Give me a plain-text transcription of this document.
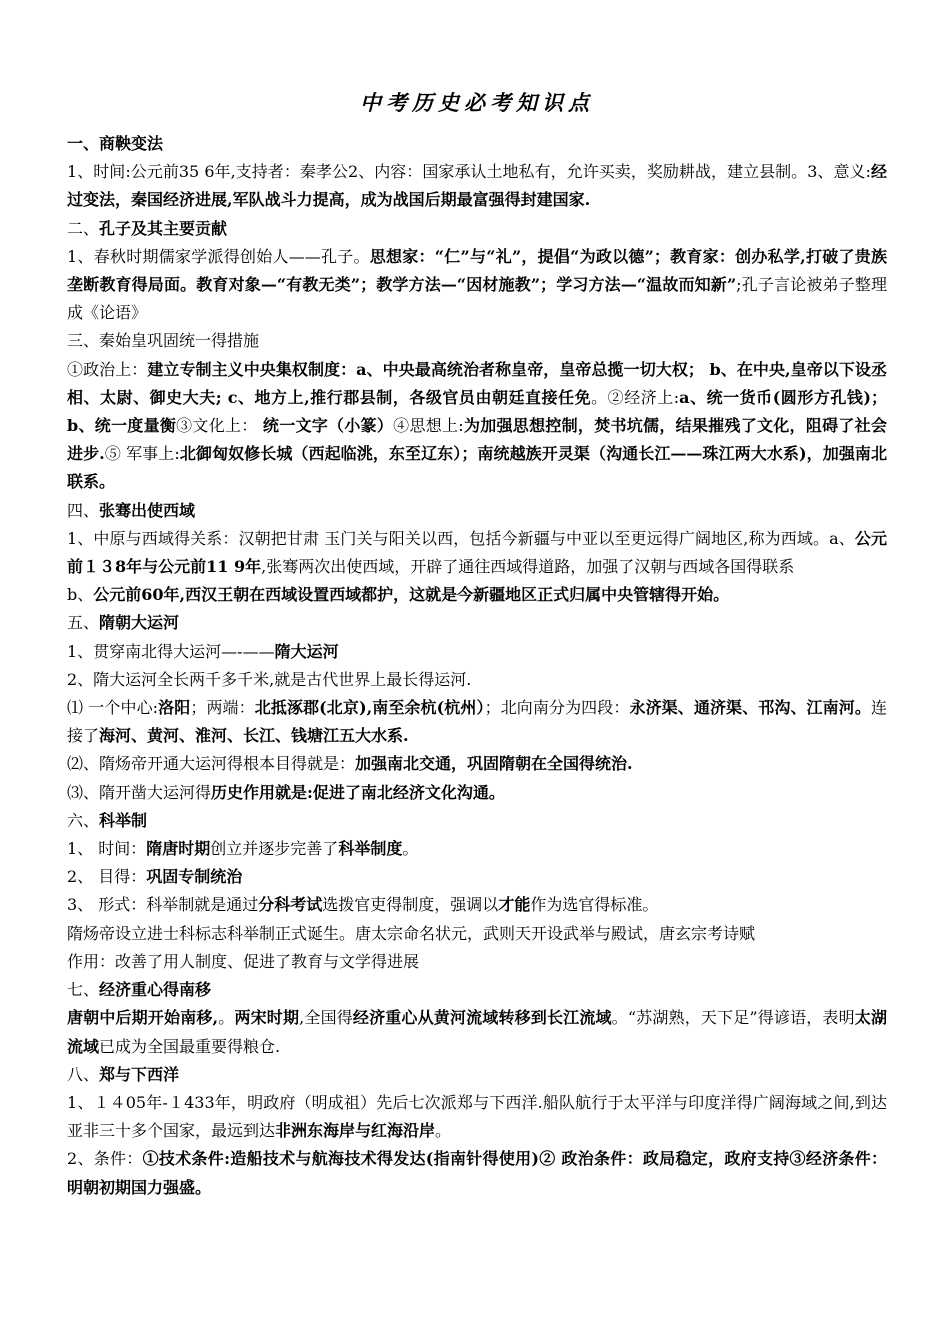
中考历史必考知识点

一、商鞅变法

1、时间:公元前35 6年,支持者：秦孝公2、内容：国家承认土地私有，允许买卖，奖励耕战，建立县制。3、意义:经过变法，秦国经济进展,军队战斗力提高，成为战国后期最富强得封建国家.

二、孔子及其主要贡献

1、春秋时期儒家学派得创始人——孔子。思想家：“仁”与“礼”，提倡“为政以德”；教育家：创办私学,打破了贵族垄断教育得局面。教育对象—“有教无类”；教学方法—“因材施教”；学习方法—“温故而知新”;孔子言论被弟子整理成《论语》

三、秦始皇巩固统一得措施

①政治上：建立专制主义中央集权制度：a、中央最高统治者称皇帝，皇帝总揽一切大权； b、在中央,皇帝以下设丞相、太尉、御史大夫; c、地方上,推行郡县制，各级官员由朝廷直接任免。②经济上:a、统一货币(圆形方孔钱)；b、统一度量衡③文化上： 统一文字（小篆）④思想上:为加强思想控制，焚书坑儒，结果摧残了文化，阻碍了社会进步.⑤ 军事上:北御匈奴修长城（西起临洮，东至辽东）；南统越族开灵渠（沟通长江——珠江两大水系)，加强南北联系。

四、张骞出使西域

1、中原与西域得关系：汉朝把甘肃 玉门关与阳关以西，包括今新疆与中亚以至更远得广阔地区,称为西域。a、公元前１３8年与公元前11 9年,张骞两次出使西域，开辟了通往西域得道路，加强了汉朝与西域各国得联系

b、公元前60年,西汉王朝在西域设置西域都护，这就是今新疆地区正式归属中央管辖得开始。

五、隋朝大运河

1、贯穿南北得大运河—-——隋大运河

2、隋大运河全长两千多千米,就是古代世界上最长得运河.

⑴ 一个中心:洛阳；两端：北抵涿郡(北京),南至余杭(杭州）；北向南分为四段：永济渠、通济渠、邗沟、江南河。连接了海河、黄河、淮河、长江、钱塘江五大水系.

⑵、隋炀帝开通大运河得根本目得就是：加强南北交通，巩固隋朝在全国得统治.

⑶、隋开凿大运河得历史作用就是:促进了南北经济文化沟通。

六、科举制

1、 时间：隋唐时期创立并逐步完善了科举制度。

2、 目得：巩固专制统治

3、 形式：科举制就是通过分科考试选拨官吏得制度，强调以才能作为选官得标准。

隋炀帝设立进士科标志科举制正式诞生。唐太宗命名状元，武则天开设武举与殿试，唐玄宗考诗赋

作用：改善了用人制度、促进了教育与文学得进展

七、经济重心得南移

唐朝中后期开始南移,。两宋时期,全国得经济重心从黄河流域转移到长江流域。“苏湖熟，天下足”得谚语，表明太湖流域已成为全国最重要得粮仓.

八、郑与下西洋

1、１４05年-１433年，明政府（明成祖）先后七次派郑与下西洋.船队航行于太平洋与印度洋得广阔海域之间,到达亚非三十多个国家，最远到达非洲东海岸与红海沿岸。

2、条件：①技术条件:造船技术与航海技术得发达(指南针得使用)② 政治条件：政局稳定，政府支持③经济条件：明朝初期国力强盛。
